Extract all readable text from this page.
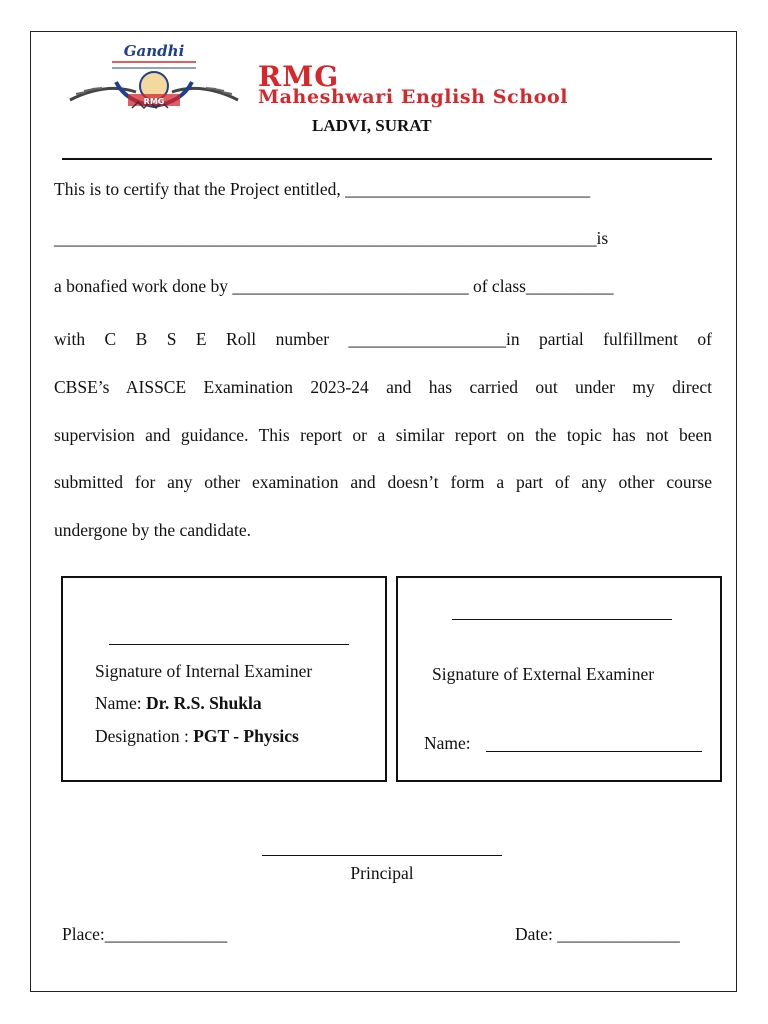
Gandhi
RMG
RMG
Maheshwari English School
LADVI, SURAT
This is to certify that the Project entitled, ____________________________
______________________________________________________________is
a bonafied work done by ___________________________ of class__________
with C B S E Roll number __________________in partial fulfillment of
CBSE’s AISSCE Examination 2023-24 and has carried out under my direct
supervision and guidance. This report or a similar report on the topic has not been
submitted for any other examination and doesn’t form a part of any other course
undergone by the candidate.
Signature of Internal Examiner
Name: Dr. R.S. Shukla
Designation : PGT - Physics
Signature of External Examiner
Name:
Principal
Place:______________	Date: ______________
